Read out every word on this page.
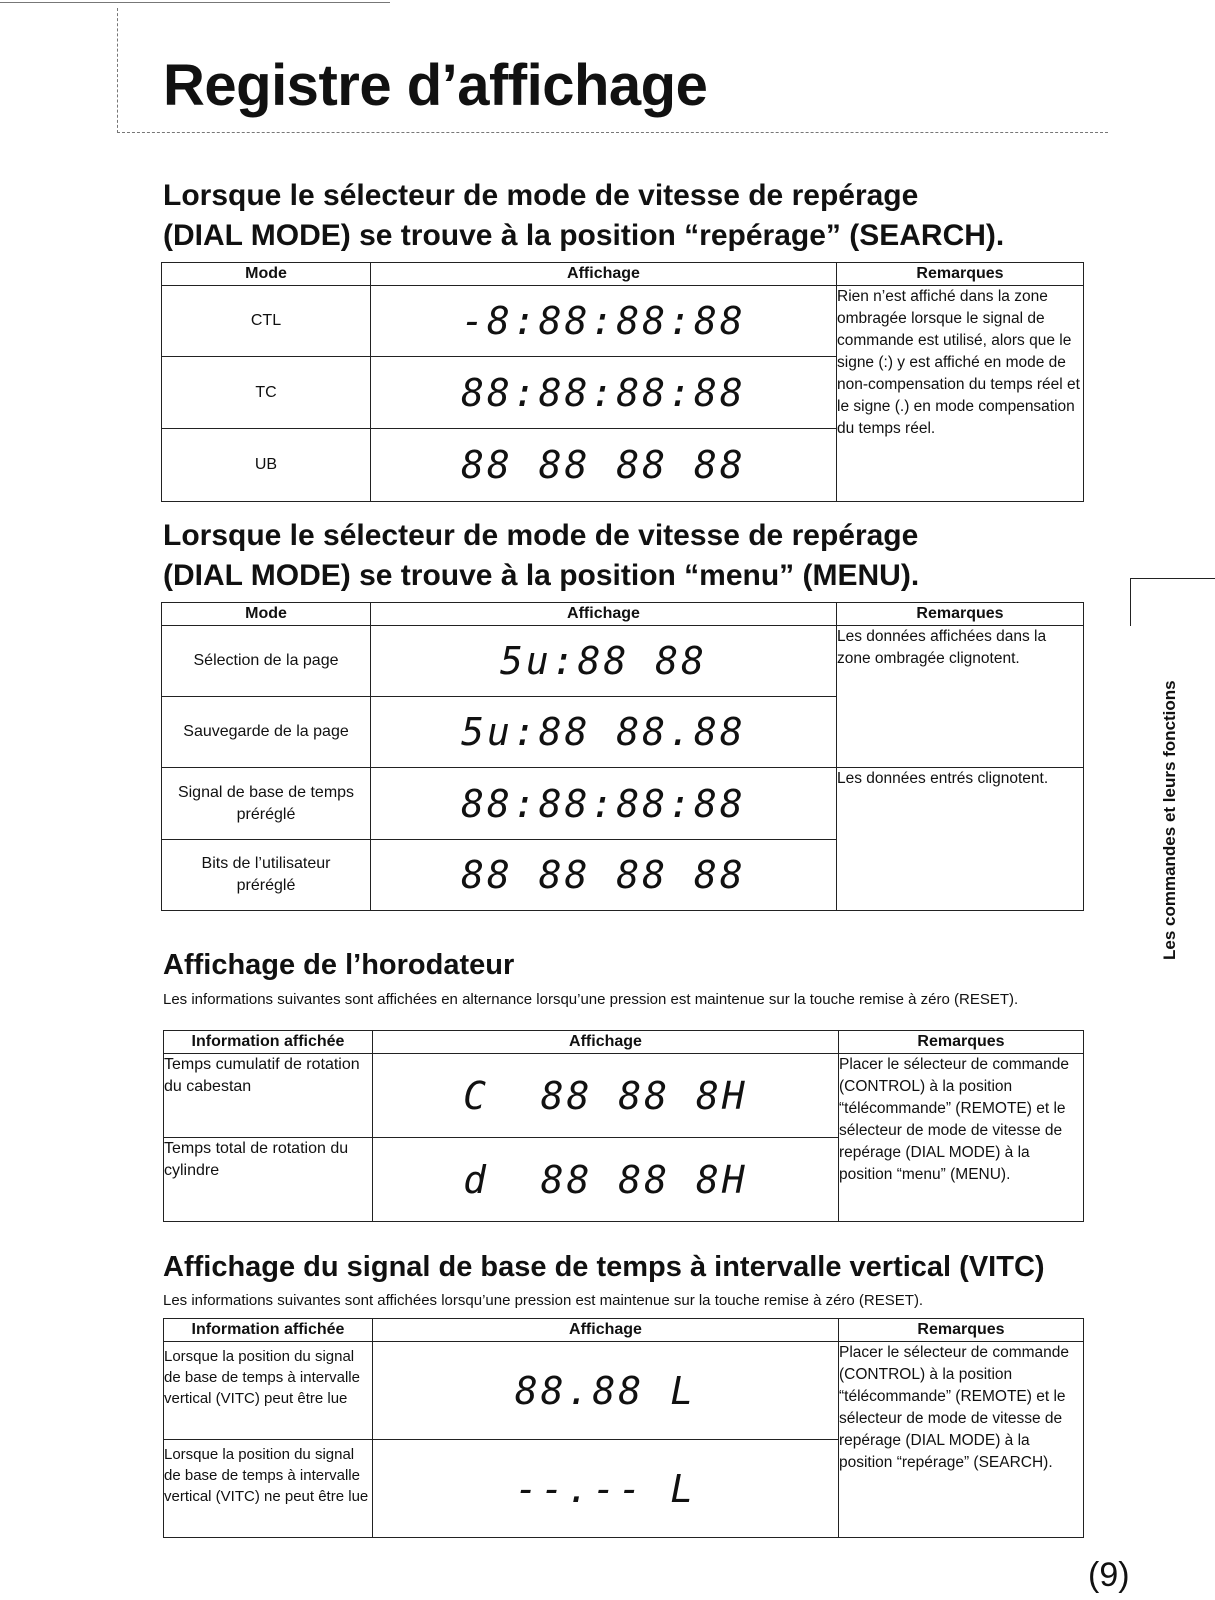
Registre d’affichage
Lorsque le sélecteur de mode de vitesse de repérage
(DIAL MODE) se trouve à la position “repérage” (SEARCH).
Mode	Affichage	Remarques
CTL	-8:88:88:88	Rien n’est affiché dans la zone ombragée lorsque le signal de commande est utilisé, alors que le signe (:) y est affiché en mode de non-compensation du temps réel et le signe (.) en mode compensation du temps réel.
TC	88:88:88:88	
UB	88 88 88 88	
Lorsque le sélecteur de mode de vitesse de repérage
(DIAL MODE) se trouve à la position “menu” (MENU).
Mode	Affichage	Remarques
Sélection de la page	5u:88 88	Les données affichées dans la zone ombragée clignotent.
Sauvegarde de la page	5u:88 88.88	
Signal de base de temps
préréglé	88:88:88:88	Les données entrés clignotent.
Bits de l’utilisateur
préréglé	88 88 88 88	
Affichage de l’horodateur

Les informations suivantes sont affichées en alternance lorsqu’une pression est maintenue sur la touche remise à zéro (RESET).

Information affichée	Affichage	Remarques
Temps cumulatif de rotation du cabestan	C  88 88 8H	Placer le sélecteur de commande (CONTROL) à la position “télécommande” (REMOTE) et le sélecteur de mode de vitesse de repérage (DIAL MODE) à la position “menu” (MENU).
Temps total de rotation du cylindre	d  88 88 8H	
Affichage du signal de base de temps à intervalle vertical (VITC)

Les informations suivantes sont affichées lorsqu’une pression est maintenue sur la touche remise à zéro (RESET).

Information affichée	Affichage	Remarques
Lorsque la position du signal de base de temps à intervalle vertical (VITC) peut être lue	88.88 L	Placer le sélecteur de commande (CONTROL) à la position “télécommande” (REMOTE) et le sélecteur de mode de vitesse de repérage (DIAL MODE) à la position “repérage” (SEARCH).
Lorsque la position du signal de base de temps à intervalle vertical (VITC) ne peut être lue	--.-- L	
Les commandes et leurs fonctions

(9)
